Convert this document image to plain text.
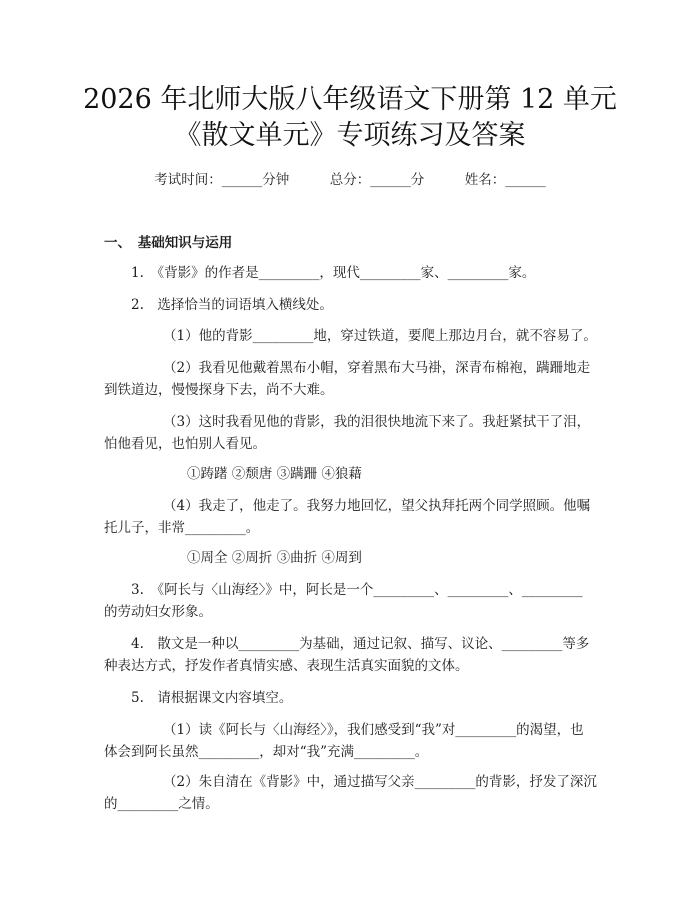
2026 年北师大版八年级语文下册第 12 单元
《散文单元》专项练习及答案
考试时间：______分钟　　　	总分：______分　　　	姓名：______
一、　基础知识与运用
1.　《背影》的作者是_________，现代_________家、_________家。
2.　选择恰当的词语填入横线处。
（1）他的背影_________地，穿过铁道，要爬上那边月台，就不容易了。
（2）我看见他戴着黑布小帽，穿着黑布大马褂，深青布棉袍，蹒跚地走
到铁道边，慢慢探身下去，尚不大难。
（3）这时我看见他的背影，我的泪很快地流下来了。我赶紧拭干了泪，
怕他看见，也怕别人看见。
①踌躇 ②颓唐 ③蹒跚 ④狼藉
（4）我走了，他走了。我努力地回忆，望父执拜托两个同学照顾。他嘱
托儿子，非常_________。
①周全 ②周折 ③曲折 ④周到
3.　《阿长与〈山海经〉》中，阿长是一个_________、_________、_________
的劳动妇女形象。
4.　散文是一种以_________为基础，通过记叙、描写、议论、_________等多
种表达方式，抒发作者真情实感、表现生活真实面貌的文体。
5.　请根据课文内容填空。
（1）读《阿长与〈山海经〉》，我们感受到“我”对_________的渴望，也
体会到阿长虽然_________，却对“我”充满_________。
（2）朱自清在《背影》中，通过描写父亲_________的背影，抒发了深沉
的_________之情。
